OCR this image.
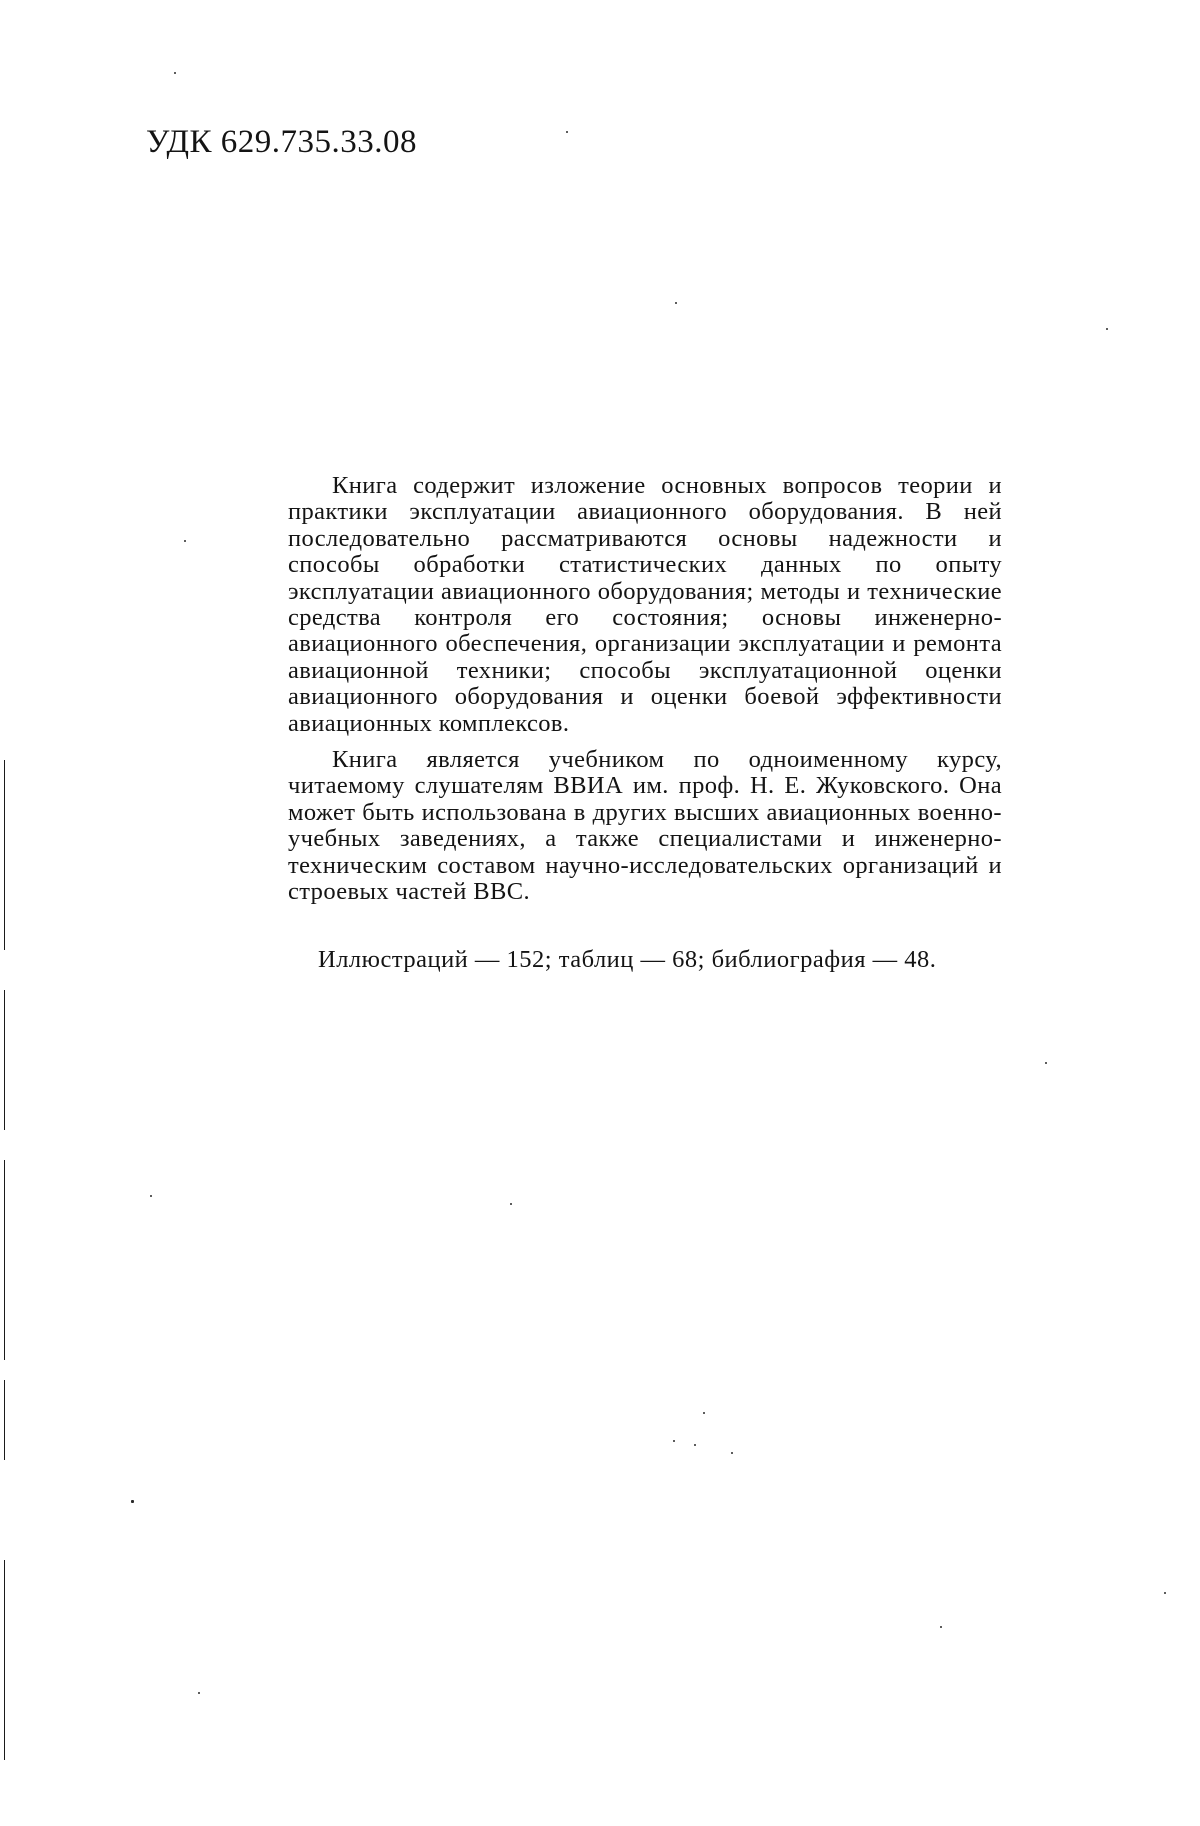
УДК 629.735.33.08

Книга содержит изложение основных вопросов теории и практики эксплуатации авиационного оборудования. В ней последовательно рассматриваются основы надежности и способы обработки статистических данных по опыту эксплуатации авиационного оборудования; методы и технические средства контроля его состояния; основы инженерно-авиационного обеспечения, организации эксплуатации и ремонта авиационной техники; способы эксплуатационной оценки авиационного оборудования и оценки боевой эффективности авиационных комплексов.

Книга является учебником по одноименному курсу, читаемому слушателям ВВИА им. проф. Н. Е. Жуковского. Она может быть использована в других высших авиационных военно-учебных заведениях, а также специалистами и инженерно-техническим составом научно-исследовательских организаций и строевых частей ВВС.

Иллюстраций — 152; таблиц — 68; библиография — 48.
